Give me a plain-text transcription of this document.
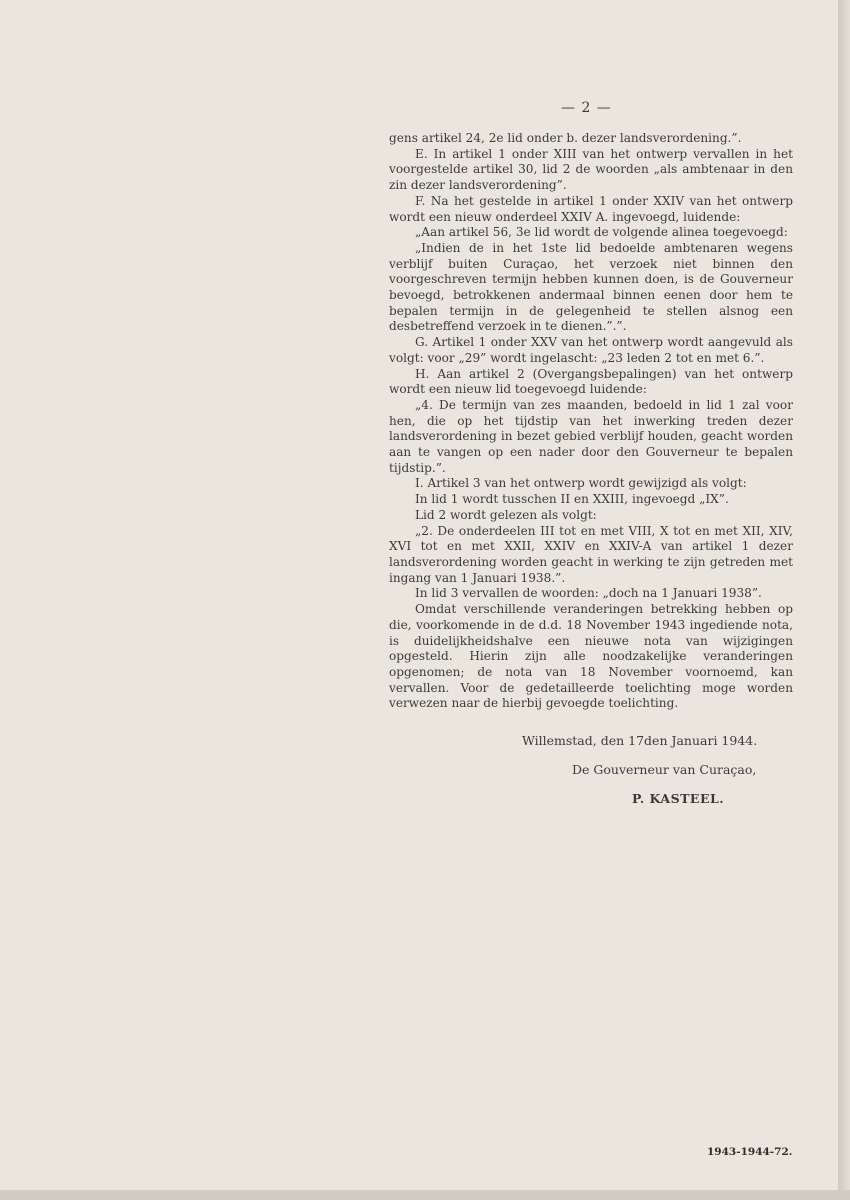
— 2 —

gens artikel 24, 2e lid onder b. dezer landsverordening.”.

E. In artikel 1 onder XIII van het ontwerp vervallen in het voorgestelde artikel 30, lid 2 de woorden „als ambtenaar in den zin dezer landsverordening”.

F. Na het gestelde in artikel 1 onder XXIV van het ontwerp wordt een nieuw onderdeel XXIV A. ingevoegd, luidende:

„Aan artikel 56, 3e lid wordt de volgende alinea toegevoegd:

„Indien de in het 1ste lid bedoelde ambtenaren wegens verblijf buiten Curaçao, het verzoek niet binnen den voorgeschreven termijn hebben kunnen doen, is de Gouverneur bevoegd, betrokkenen andermaal binnen eenen door hem te bepalen termijn in de gelegenheid te stellen alsnog een desbetreffend verzoek in te dienen.”.”.

G. Artikel 1 onder XXV van het ontwerp wordt aangevuld als volgt: voor „29” wordt ingelascht: „23 leden 2 tot en met 6.”.

H. Aan artikel 2 (Overgangsbepalingen) van het ontwerp wordt een nieuw lid toegevoegd luidende:

„4. De termijn van zes maanden, bedoeld in lid 1 zal voor hen, die op het tijdstip van het inwerking treden dezer landsverordening in bezet gebied verblijf houden, geacht worden aan te vangen op een nader door den Gouverneur te bepalen tijdstip.”.

I. Artikel 3 van het ontwerp wordt gewijzigd als volgt:

In lid 1 wordt tusschen II en XXIII, ingevoegd „IX”.

Lid 2 wordt gelezen als volgt:

„2. De onderdeelen III tot en met VIII, X tot en met XII, XIV, XVI tot en met XXII, XXIV en XXIV-A van artikel 1 dezer landsverordening worden geacht in werking te zijn getreden met ingang van 1 Januari 1938.”.

In lid 3 vervallen de woorden: „doch na 1 Januari 1938”.

Omdat verschillende veranderingen betrekking hebben op die, voorkomende in de d.d. 18 November 1943 ingediende nota, is duidelijkheidshalve een nieuwe nota van wijzigingen opgesteld. Hierin zijn alle noodzakelijke veranderingen opgenomen; de nota van 18 November voornoemd, kan vervallen. Voor de gedetailleerde toelichting moge worden verwezen naar de hierbij gevoegde toelichting.

Willemstad, den 17den Januari 1944.
De Gouverneur van Curaçao,
P. KASTEEL.
1943-1944-72.
